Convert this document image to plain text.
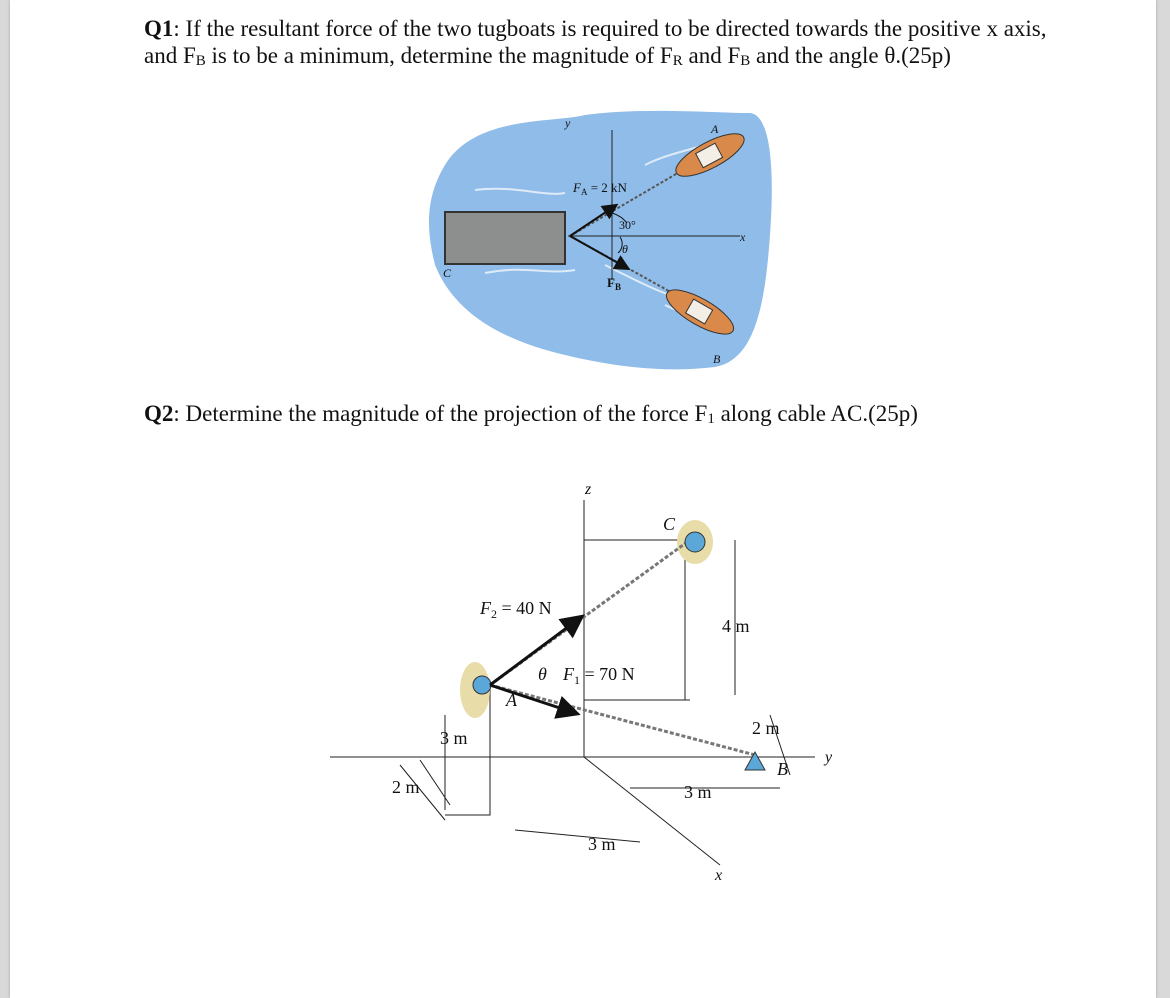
Q1: If the resultant force of the two tugboats is required to be directed towards the positive x axis,
and $F_B$ is to be a minimum, determine the magnitude of $F_R$ and $F_B$ and the angle θ.(25p)

y
x
A
B
C
$F_A = 2$ kN
30°
θ
$F_B$

Q2: Determine the magnitude of the projection of the force $F_1$ along cable AC.(25p)

z
y
x
C
A
B
$F_2 = 40$ N
θ $F_1 = 70$ N
4 m
2 m
3 m
2 m	3 m
3 m
